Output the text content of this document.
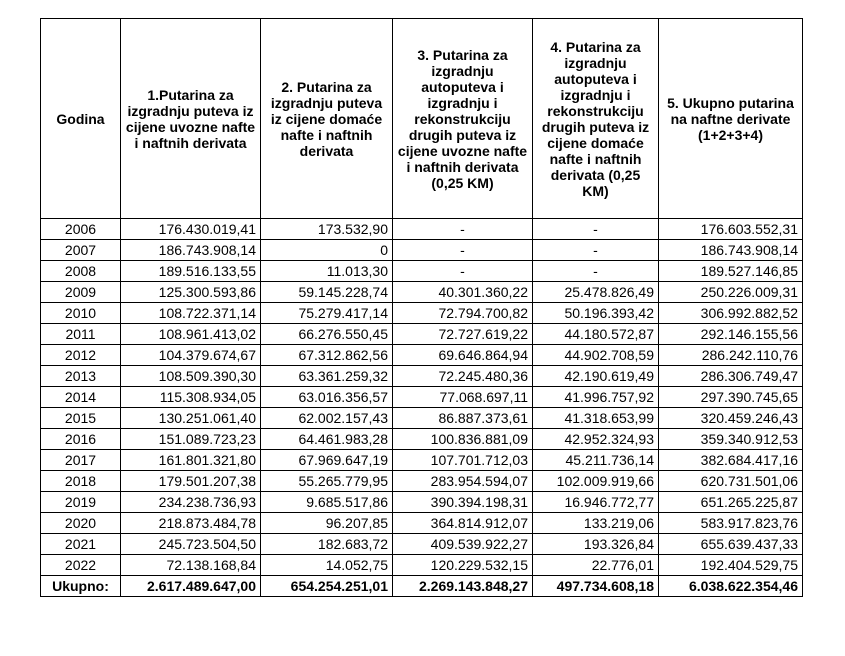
Godina	1.Putarina za izgradnju puteva iz cijene uvozne nafte i naftnih derivata	2. Putarina za izgradnju puteva iz cijene domaće nafte i naftnih derivata	3. Putarina za izgradnju autoputeva i izgradnju i rekonstrukciju drugih puteva iz cijene uvozne nafte i naftnih derivata (0,25 KM)	4. Putarina za izgradnju autoputeva i izgradnju i rekonstrukciju drugih puteva iz cijene domaće nafte i naftnih derivata (0,25 KM)	5. Ukupno putarina na naftne derivate (1+2+3+4)
2006	176.430.019,41	173.532,90	-	-	176.603.552,31
2007	186.743.908,14	0	-	-	186.743.908,14
2008	189.516.133,55	11.013,30	-	-	189.527.146,85
2009	125.300.593,86	59.145.228,74	40.301.360,22	25.478.826,49	250.226.009,31
2010	108.722.371,14	75.279.417,14	72.794.700,82	50.196.393,42	306.992.882,52
2011	108.961.413,02	66.276.550,45	72.727.619,22	44.180.572,87	292.146.155,56
2012	104.379.674,67	67.312.862,56	69.646.864,94	44.902.708,59	286.242.110,76
2013	108.509.390,30	63.361.259,32	72.245.480,36	42.190.619,49	286.306.749,47
2014	115.308.934,05	63.016.356,57	77.068.697,11	41.996.757,92	297.390.745,65
2015	130.251.061,40	62.002.157,43	86.887.373,61	41.318.653,99	320.459.246,43
2016	151.089.723,23	64.461.983,28	100.836.881,09	42.952.324,93	359.340.912,53
2017	161.801.321,80	67.969.647,19	107.701.712,03	45.211.736,14	382.684.417,16
2018	179.501.207,38	55.265.779,95	283.954.594,07	102.009.919,66	620.731.501,06
2019	234.238.736,93	9.685.517,86	390.394.198,31	16.946.772,77	651.265.225,87
2020	218.873.484,78	96.207,85	364.814.912,07	133.219,06	583.917.823,76
2021	245.723.504,50	182.683,72	409.539.922,27	193.326,84	655.639.437,33
2022	72.138.168,84	14.052,75	120.229.532,15	22.776,01	192.404.529,75
Ukupno:	2.617.489.647,00	654.254.251,01	2.269.143.848,27	497.734.608,18	6.038.622.354,46
